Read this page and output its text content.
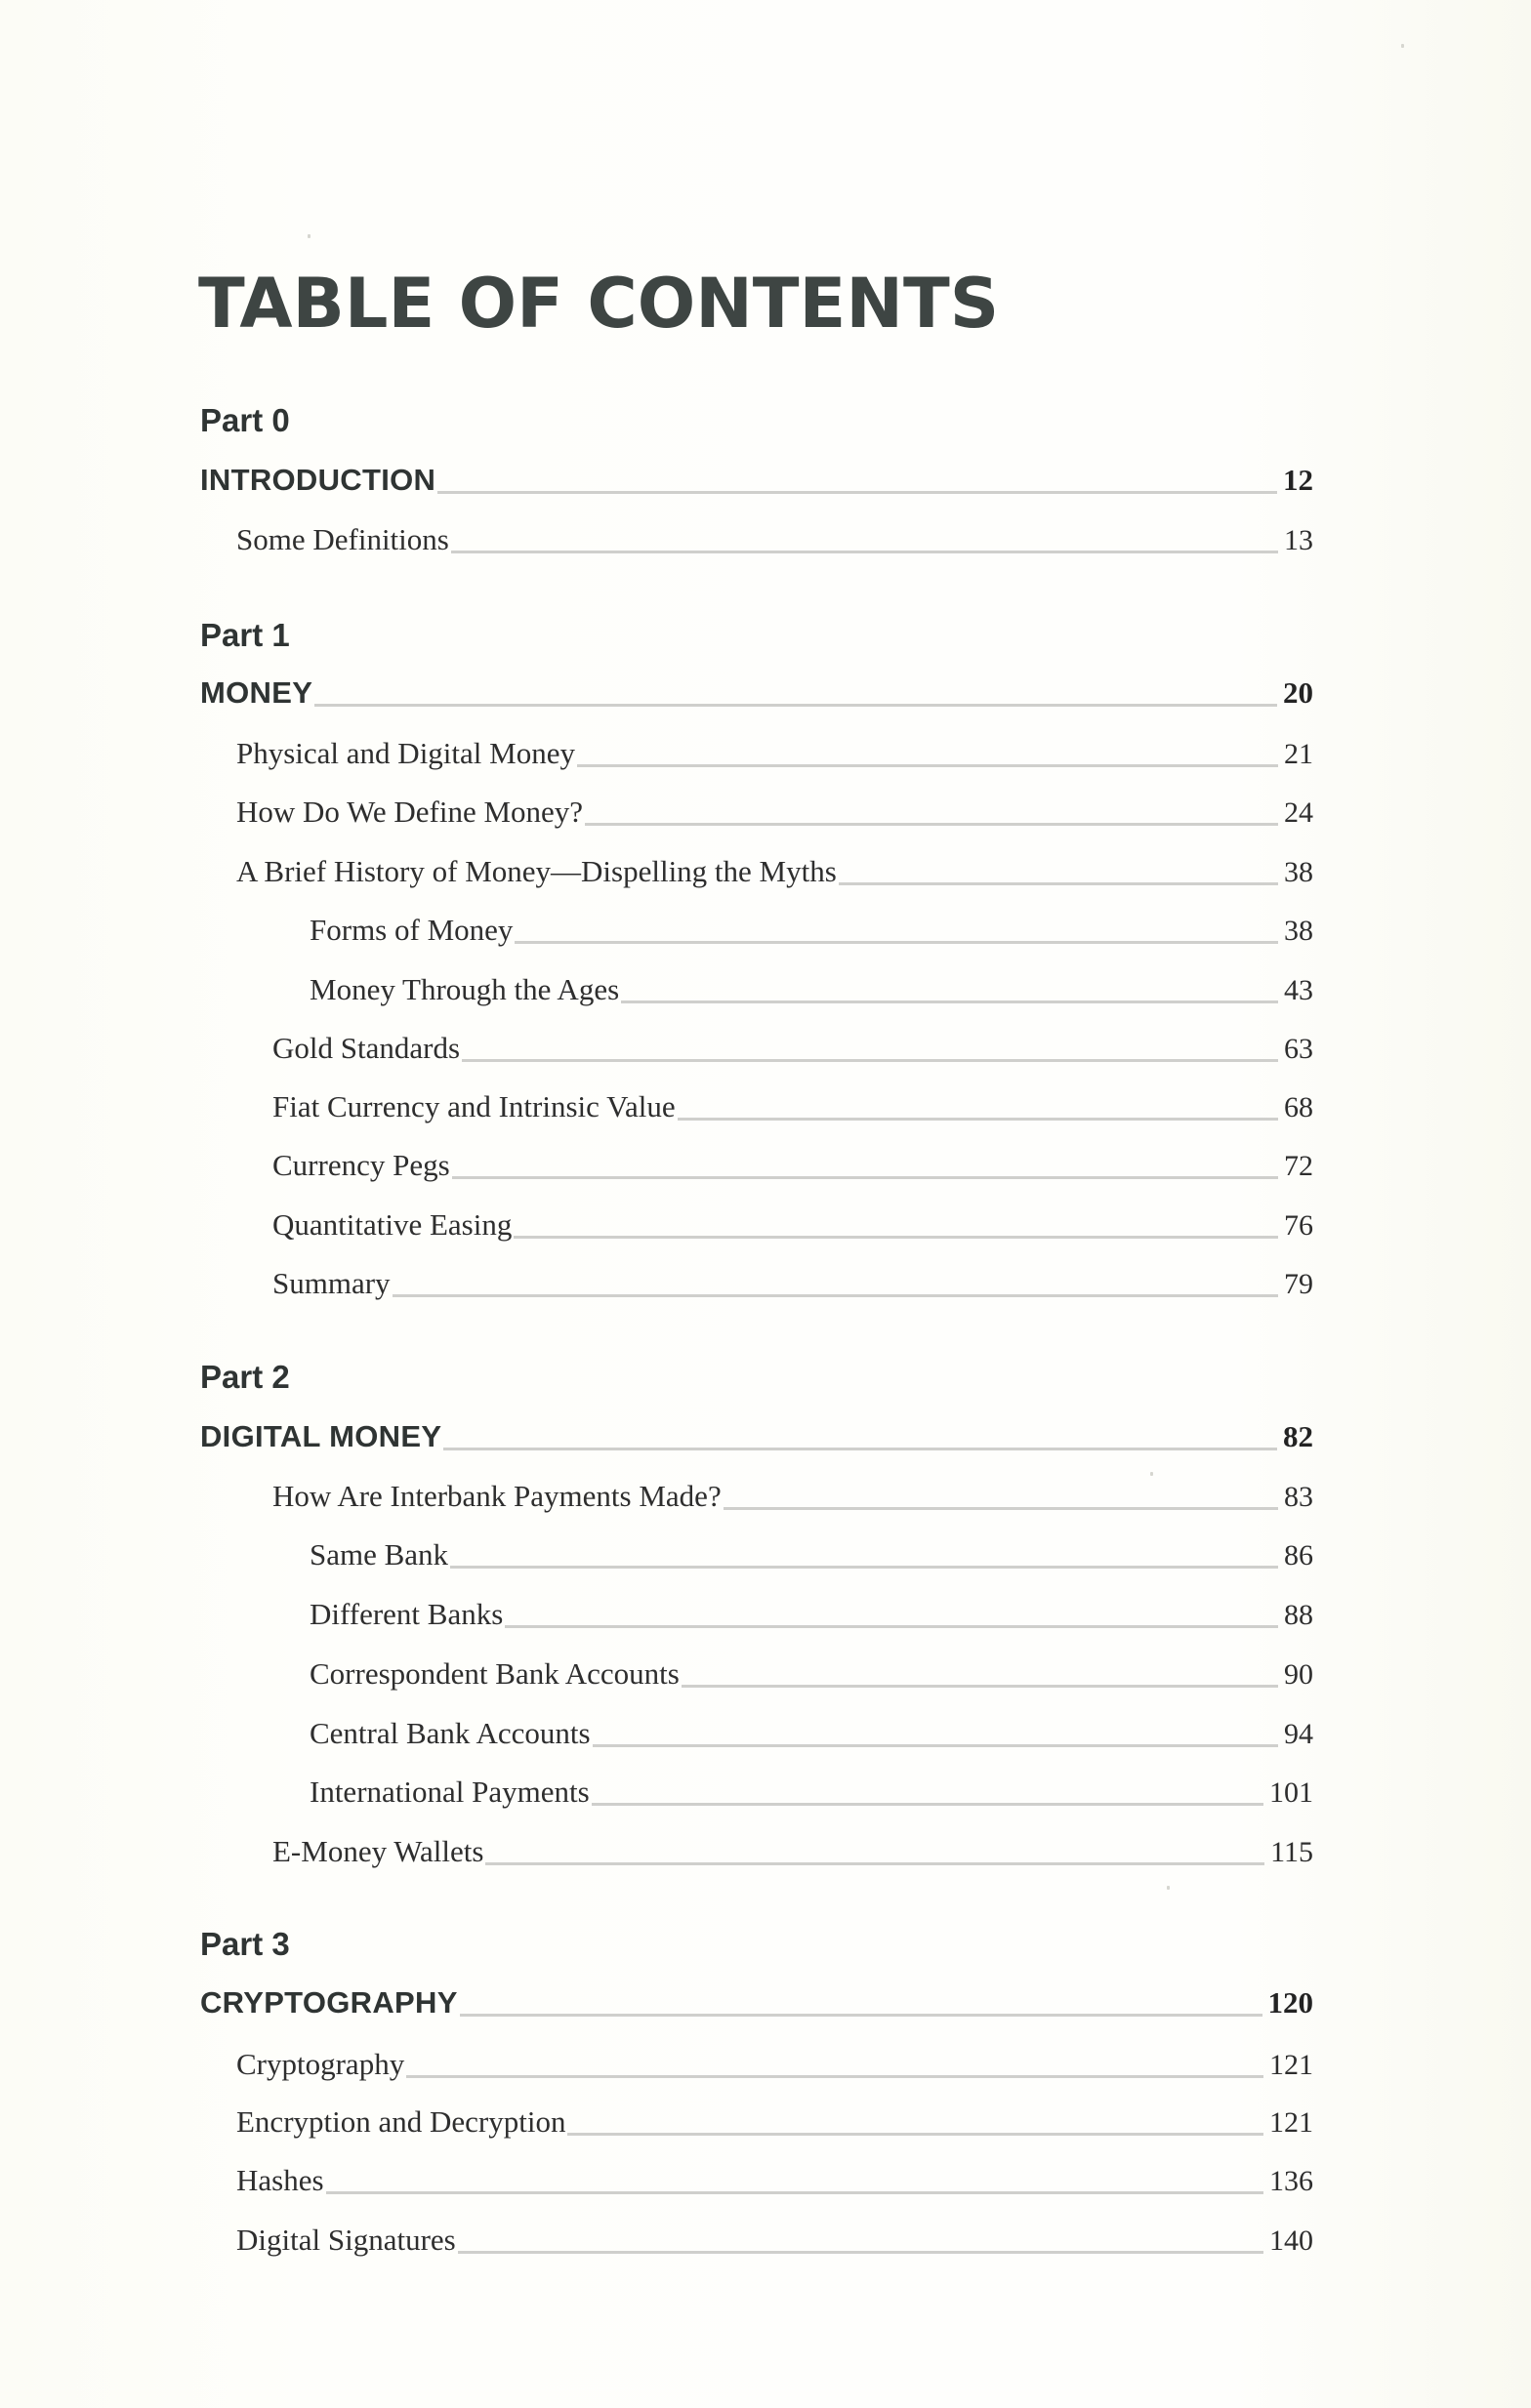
TABLE OF CONTENTS
Part 0
INTRODUCTION	12
Some Definitions	13
Part 1
MONEY	20
Physical and Digital Money	21
How Do We Define Money?	24
A Brief History of Money—Dispelling the Myths	38
Forms of Money	38
Money Through the Ages	43
Gold Standards	63
Fiat Currency and Intrinsic Value	68
Currency Pegs	72
Quantitative Easing	76
Summary	79
Part 2
DIGITAL MONEY	82
How Are Interbank Payments Made?	83
Same Bank	86
Different Banks	88
Correspondent Bank Accounts	90
Central Bank Accounts	94
International Payments	101
E-Money Wallets	115
Part 3
CRYPTOGRAPHY	120
Cryptography	121
Encryption and Decryption	121
Hashes	136
Digital Signatures	140
